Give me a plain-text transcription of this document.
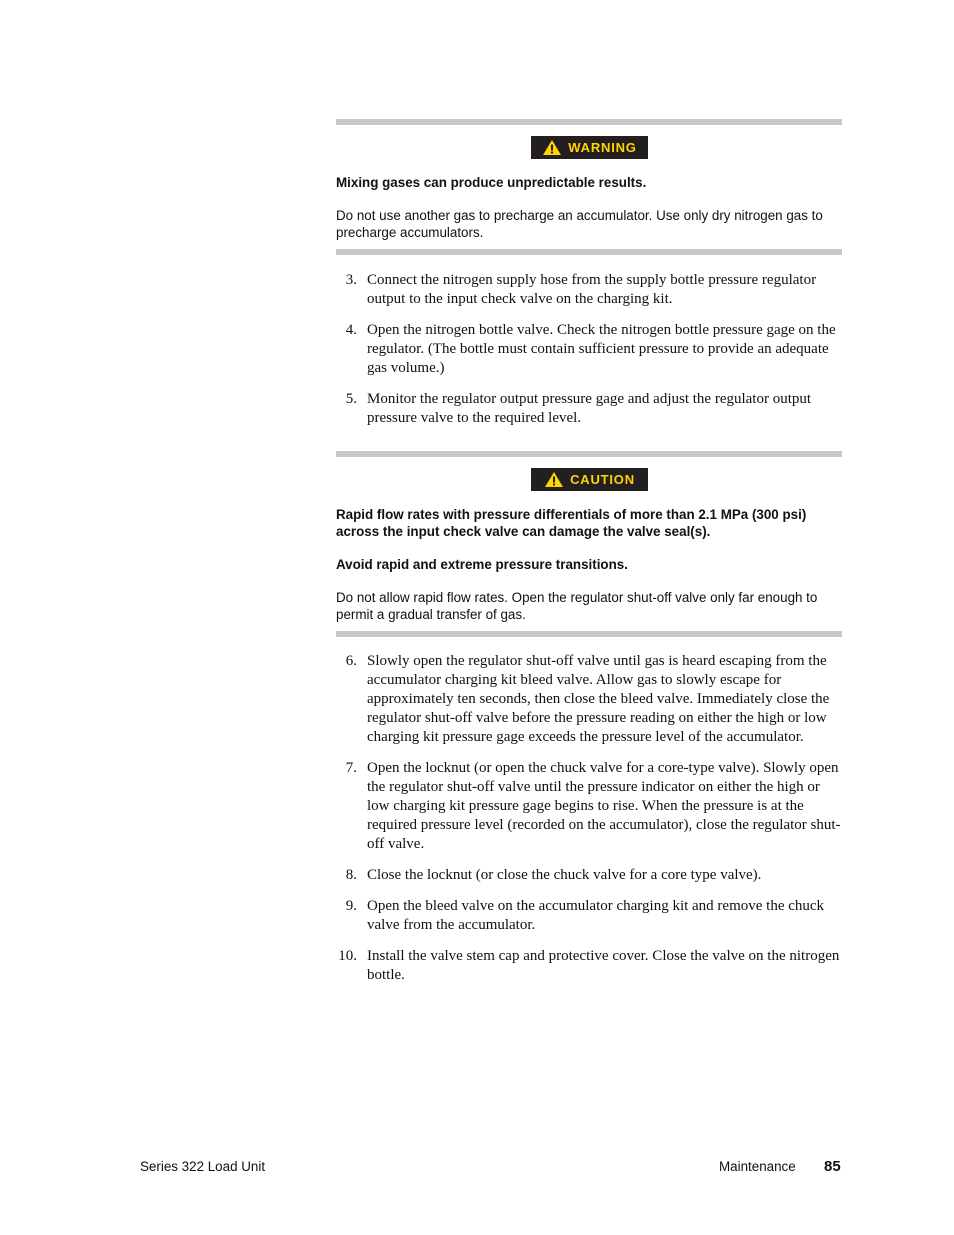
WARNING

Mixing gases can produce unpredictable results.

Do not use another gas to precharge an accumulator. Use only dry nitrogen gas to precharge accumulators.

3. Connect the nitrogen supply hose from the supply bottle pressure regulator output to the input check valve on the charging kit.
4. Open the nitrogen bottle valve. Check the nitrogen bottle pressure gage on the regulator. (The bottle must contain sufficient pressure to provide an adequate gas volume.)
5. Monitor the regulator output pressure gage and adjust the regulator output pressure valve to the required level.
CAUTION

Rapid flow rates with pressure differentials of more than 2.1 MPa (300 psi) across the input check valve can damage the valve seal(s).

Avoid rapid and extreme pressure transitions.

Do not allow rapid flow rates. Open the regulator shut-off valve only far enough to permit a gradual transfer of gas.

6. Slowly open the regulator shut-off valve until gas is heard escaping from the accumulator charging kit bleed valve. Allow gas to slowly escape for approximately ten seconds, then close the bleed valve. Immediately close the regulator shut-off valve before the pressure reading on either the high or low charging kit pressure gage exceeds the pressure level of the accumulator.
7. Open the locknut (or open the chuck valve for a core-type valve). Slowly open the regulator shut-off valve until the pressure indicator on either the high or low charging kit pressure gage begins to rise. When the pressure is at the required pressure level (recorded on the accumulator), close the regulator shut-off valve.
8. Close the locknut (or close the chuck valve for a core type valve).
9. Open the bleed valve on the accumulator charging kit and remove the chuck valve from the accumulator.
10. Install the valve stem cap and protective cover. Close the valve on the nitrogen bottle.
Series 322 Load Unit	Maintenance 85
